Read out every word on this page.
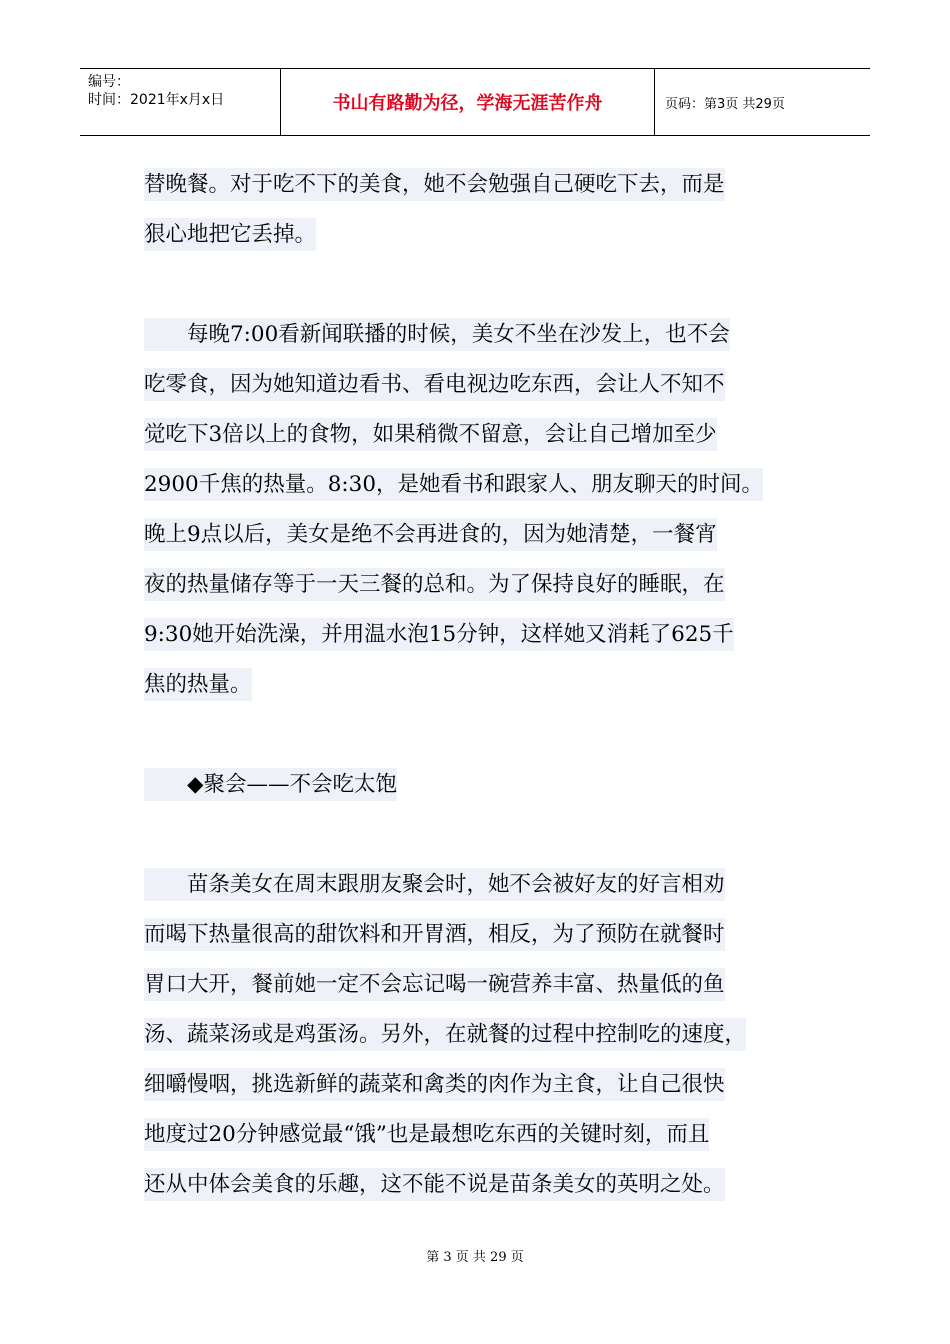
编号：
时间：2021年x月x日	书山有路勤为径，学海无涯苦作舟	页码：第3页 共29页
替晚餐。对于吃不下的美食，她不会勉强自己硬吃下去，而是
狠心地把它丢掉。
　　每晚7:00看新闻联播的时候，美女不坐在沙发上，也不会
吃零食，因为她知道边看书、看电视边吃东西，会让人不知不
觉吃下3倍以上的食物，如果稍微不留意，会让自己增加至少
2900千焦的热量。8:30，是她看书和跟家人、朋友聊天的时间。
晚上9点以后，美女是绝不会再进食的，因为她清楚，一餐宵
夜的热量储存等于一天三餐的总和。为了保持良好的睡眠，在
9:30她开始洗澡，并用温水泡15分钟，这样她又消耗了625千
焦的热量。
　　◆聚会——不会吃太饱
　　苗条美女在周末跟朋友聚会时，她不会被好友的好言相劝
而喝下热量很高的甜饮料和开胃酒，相反，为了预防在就餐时
胃口大开，餐前她一定不会忘记喝一碗营养丰富、热量低的鱼
汤、蔬菜汤或是鸡蛋汤。另外，在就餐的过程中控制吃的速度，
细嚼慢咽，挑选新鲜的蔬菜和禽类的肉作为主食，让自己很快
地度过20分钟感觉最“饿”也是最想吃东西的关键时刻，而且
还从中体会美食的乐趣，这不能不说是苗条美女的英明之处。
第 3 页 共 29 页
